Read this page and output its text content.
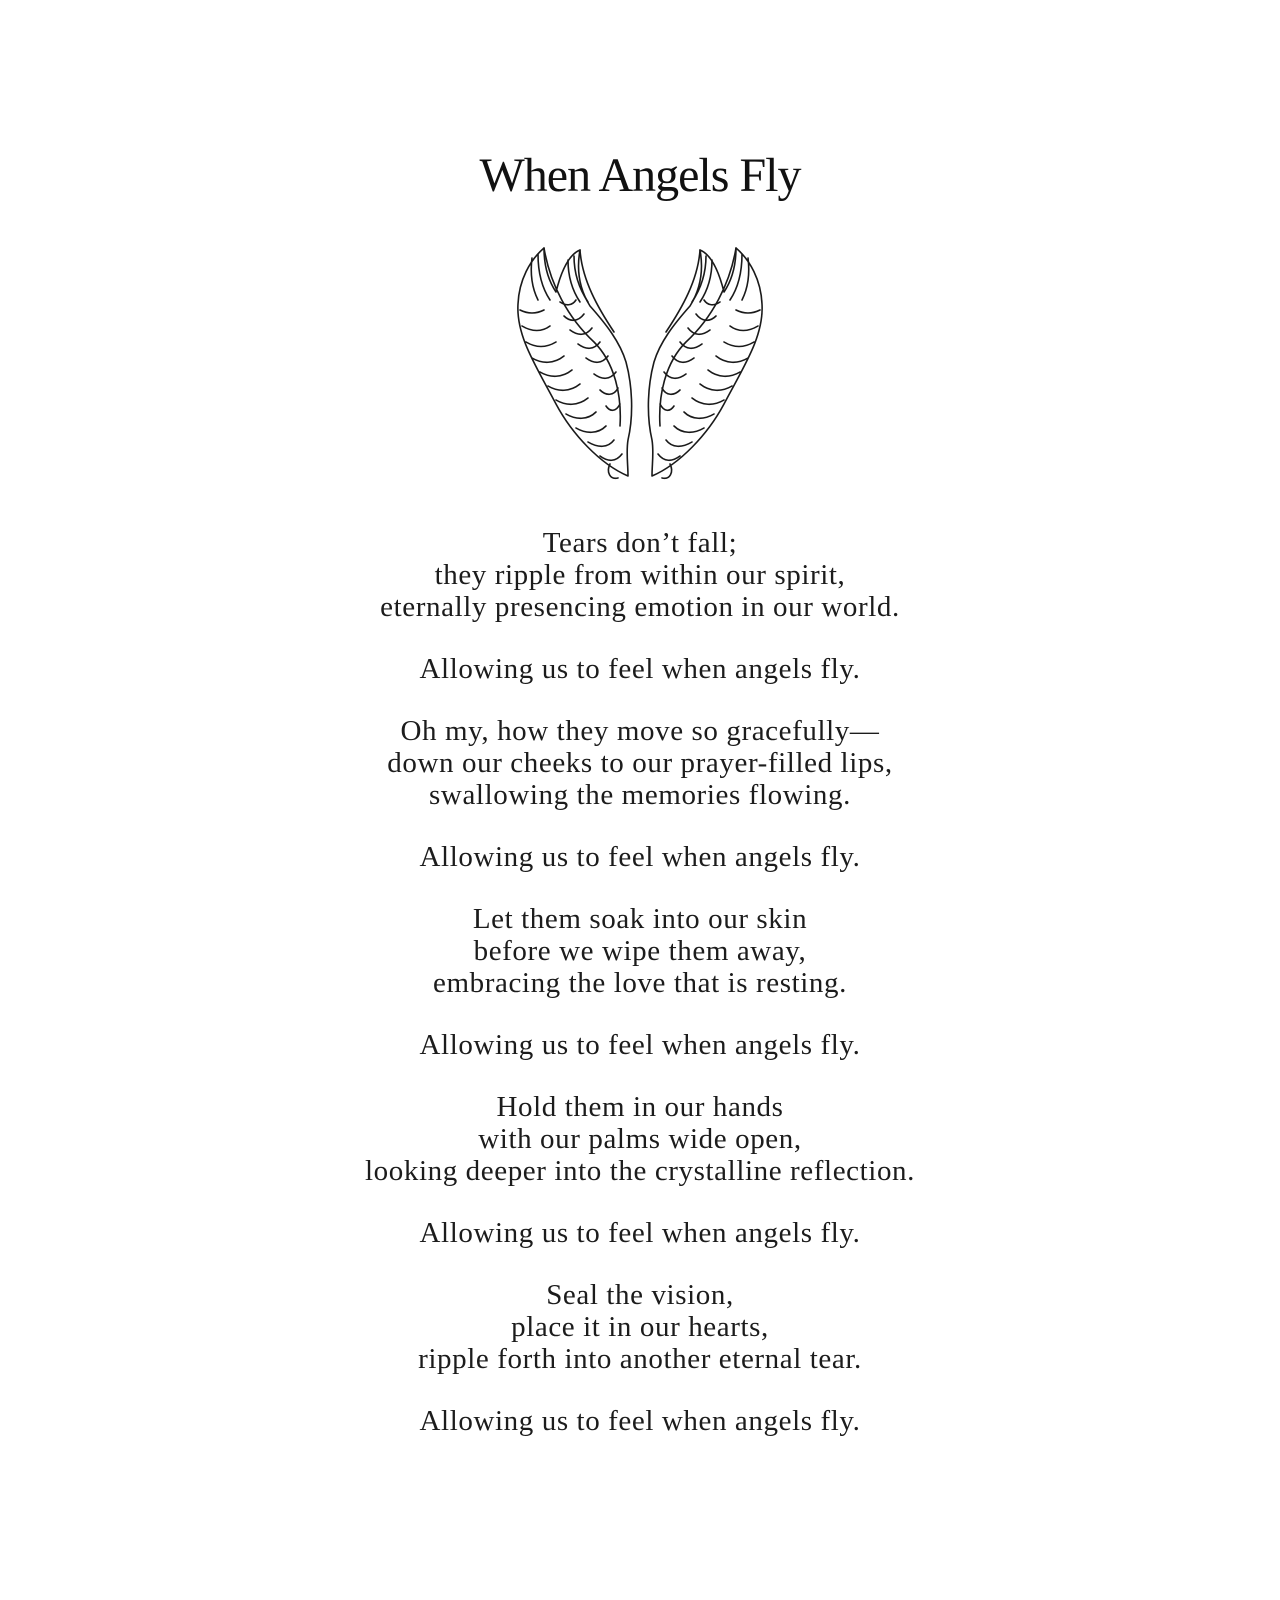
When Angels Fly
Tears don’t fall;
they ripple from within our spirit,
eternally presencing emotion in our world.
Allowing us to feel when angels fly.
Oh my, how they move so gracefully—
down our cheeks to our prayer-filled lips,
swallowing the memories flowing.
Allowing us to feel when angels fly.
Let them soak into our skin
before we wipe them away,
embracing the love that is resting.
Allowing us to feel when angels fly.
Hold them in our hands
with our palms wide open,
looking deeper into the crystalline reflection.
Allowing us to feel when angels fly.
Seal the vision,
place it in our hearts,
ripple forth into another eternal tear.
Allowing us to feel when angels fly.
